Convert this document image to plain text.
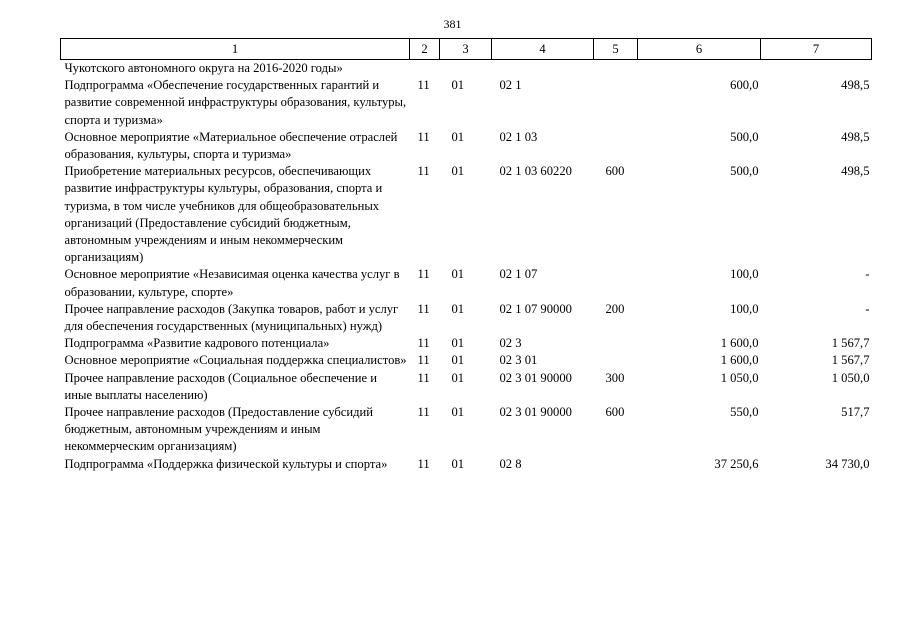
381
1	2	3	4	5	6	7
Чукотского автономного округа на 2016-2020 годы»						
Подпрограмма «Обеспечение государственных гарантий и развитие современной инфраструктуры образования, культуры, спорта и туризма»	11	01	02 1		600,0	498,5
Основное мероприятие «Материальное обеспечение отраслей образования, культуры, спорта и туризма»	11	01	02 1 03		500,0	498,5
Приобретение материальных ресурсов, обеспечивающих развитие инфраструктуры культуры, образования, спорта и туризма, в том числе учебников для общеобразовательных организаций (Предоставление субсидий бюджетным, автономным учреждениям и иным некоммерческим организациям)	11	01	02 1 03 60220	600	500,0	498,5
Основное мероприятие «Независимая оценка качества услуг в образовании, культуре, спорте»	11	01	02 1 07		100,0	-
Прочее направление расходов (Закупка товаров, работ и услуг для обеспечения государственных (муниципальных) нужд)	11	01	02 1 07 90000	200	100,0	-
Подпрограмма «Развитие кадрового потенциала»	11	01	02 3		1 600,0	1 567,7
Основное мероприятие «Социальная поддержка специалистов»	11	01	02 3 01		1 600,0	1 567,7
Прочее направление расходов (Социальное обеспечение и иные выплаты населению)	11	01	02 3 01 90000	300	1 050,0	1 050,0
Прочее направление расходов (Предоставление субсидий бюджетным, автономным учреждениям и иным некоммерческим организациям)	11	01	02 3 01 90000	600	550,0	517,7
Подпрограмма «Поддержка физической культуры и спорта»	11	01	02 8		37 250,6	34 730,0
